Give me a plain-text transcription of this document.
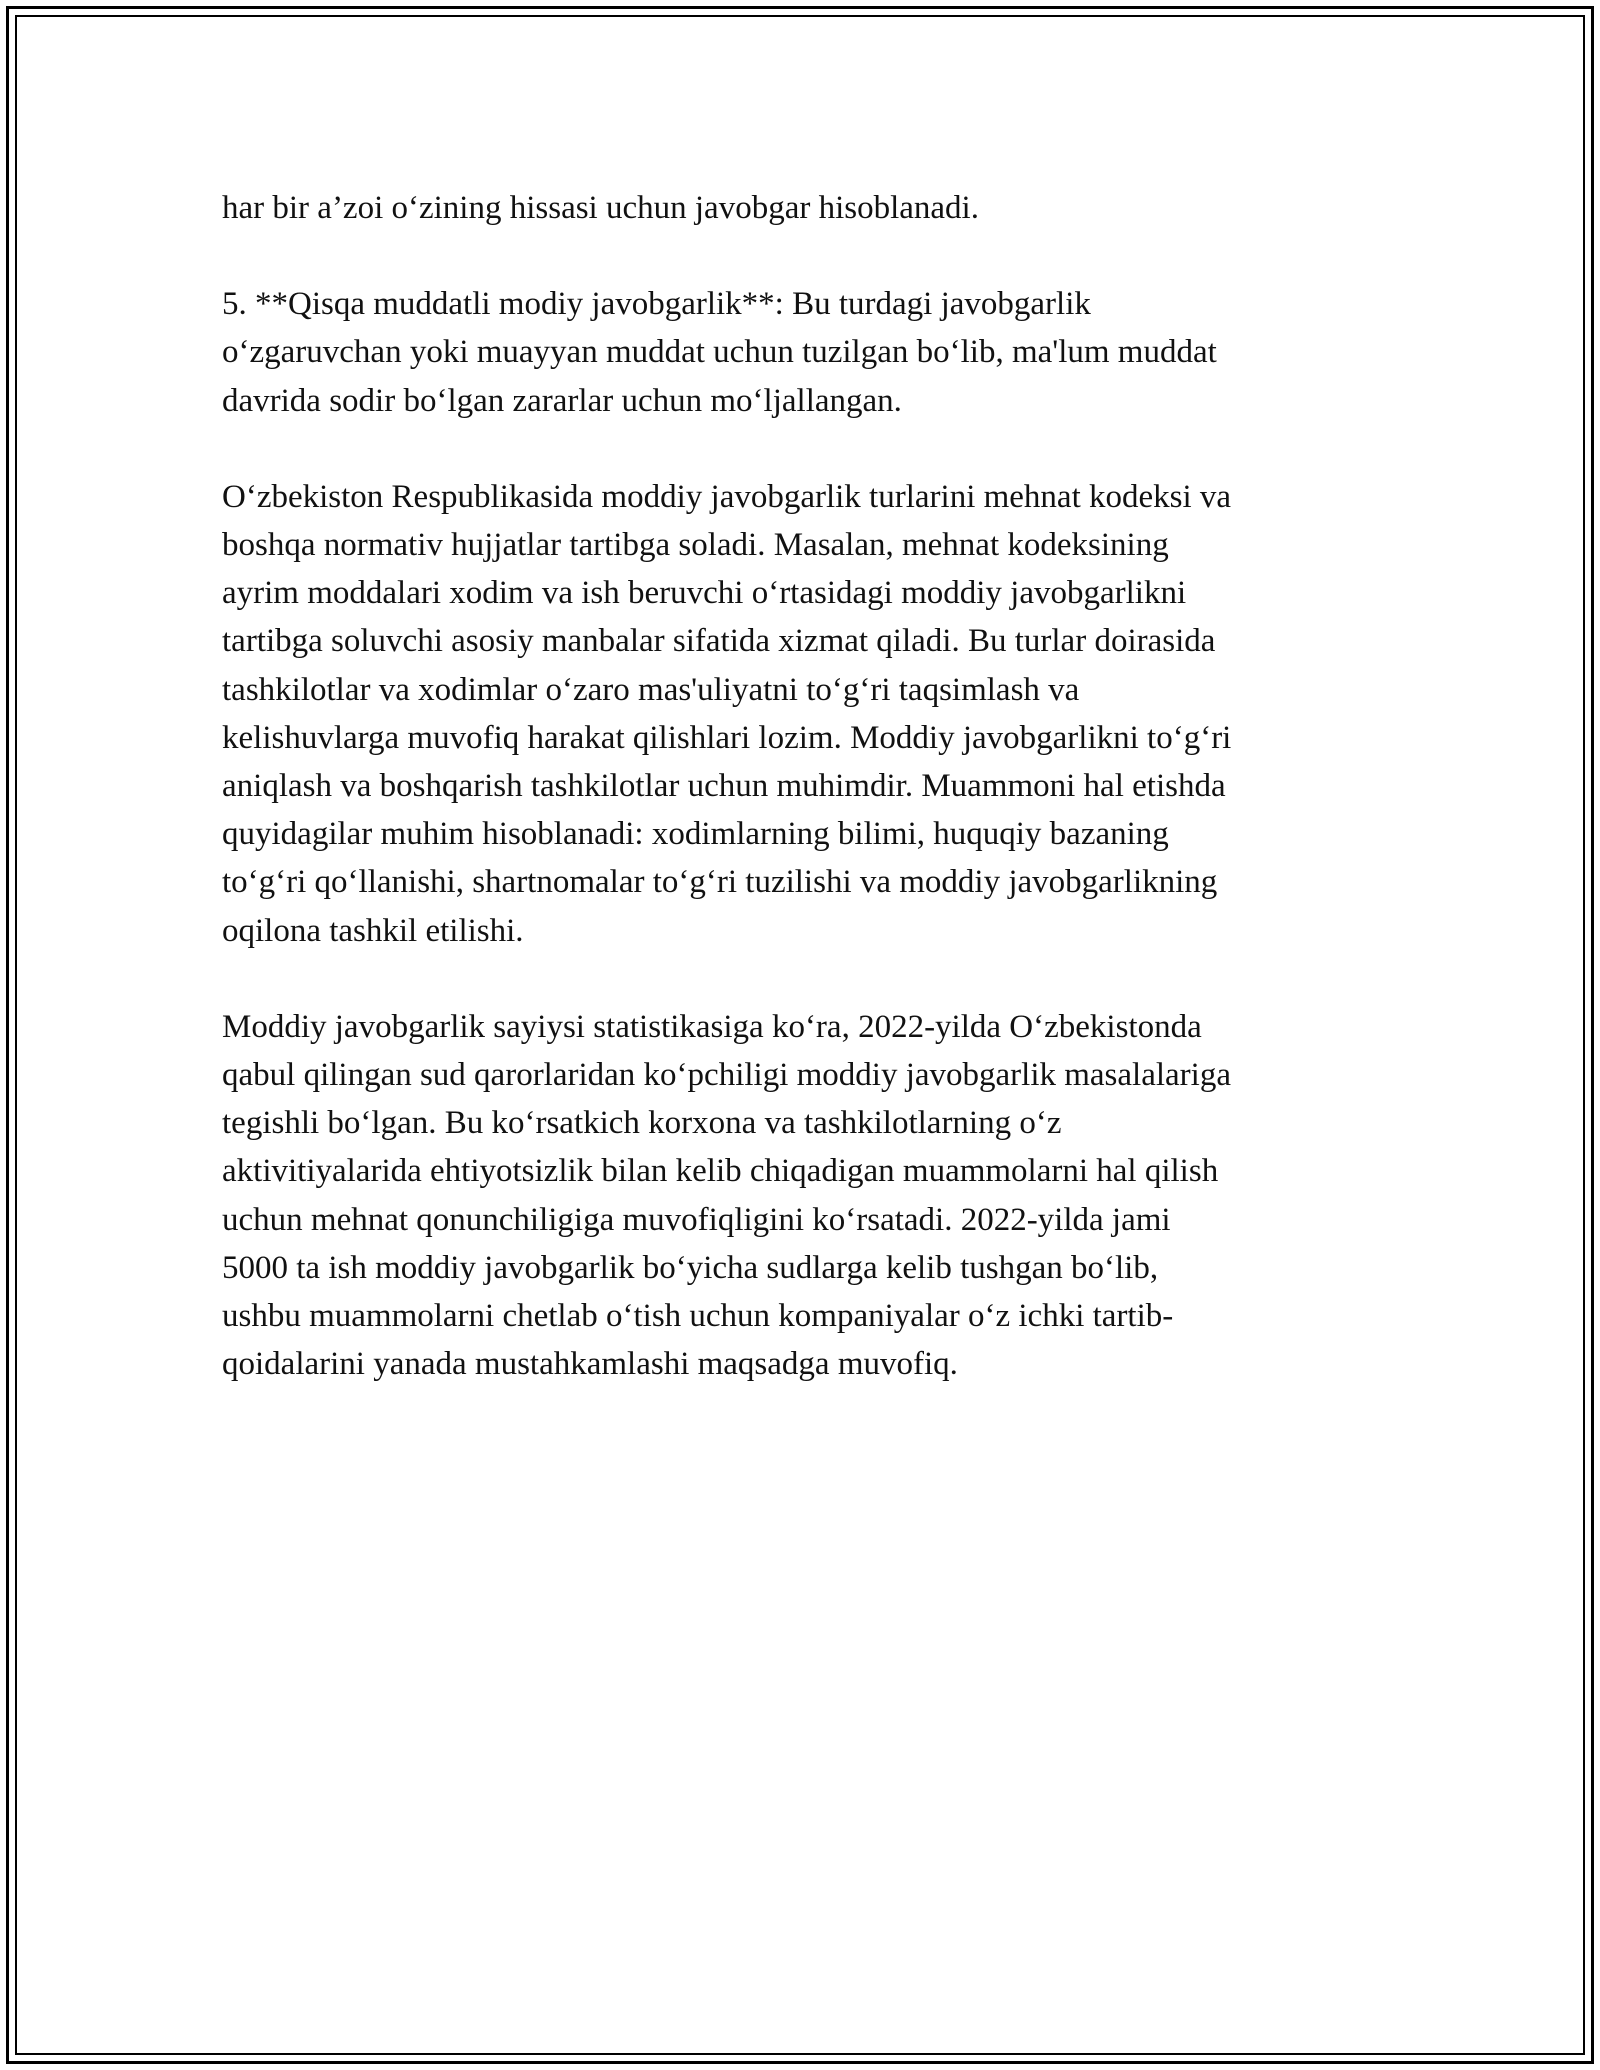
har bir a’zoi o‘zining hissasi uchun javobgar hisoblanadi.

5. **Qisqa muddatli modiy javobgarlik**: Bu turdagi javobgarlik
o‘zgaruvchan yoki muayyan muddat uchun tuzilgan bo‘lib, ma'lum muddat
davrida sodir bo‘lgan zararlar uchun mo‘ljallangan.

O‘zbekiston Respublikasida moddiy javobgarlik turlarini mehnat kodeksi va
boshqa normativ hujjatlar tartibga soladi. Masalan, mehnat kodeksining
ayrim moddalari xodim va ish beruvchi o‘rtasidagi moddiy javobgarlikni
tartibga soluvchi asosiy manbalar sifatida xizmat qiladi. Bu turlar doirasida
tashkilotlar va xodimlar o‘zaro mas'uliyatni to‘g‘ri taqsimlash va
kelishuvlarga muvofiq harakat qilishlari lozim. Moddiy javobgarlikni to‘g‘ri
aniqlash va boshqarish tashkilotlar uchun muhimdir. Muammoni hal etishda
quyidagilar muhim hisoblanadi: xodimlarning bilimi, huquqiy bazaning
to‘g‘ri qo‘llanishi, shartnomalar to‘g‘ri tuzilishi va moddiy javobgarlikning
oqilona tashkil etilishi.

Moddiy javobgarlik sayiysi statistikasiga ko‘ra, 2022-yilda O‘zbekistonda
qabul qilingan sud qarorlaridan ko‘pchiligi moddiy javobgarlik masalalariga
tegishli bo‘lgan. Bu ko‘rsatkich korxona va tashkilotlarning o‘z
aktivitiyalarida ehtiyotsizlik bilan kelib chiqadigan muammolarni hal qilish
uchun mehnat qonunchiligiga muvofiqligini ko‘rsatadi. 2022-yilda jami
5000 ta ish moddiy javobgarlik bo‘yicha sudlarga kelib tushgan bo‘lib,
ushbu muammolarni chetlab o‘tish uchun kompaniyalar o‘z ichki tartib-
qoidalarini yanada mustahkamlashi maqsadga muvofiq.
